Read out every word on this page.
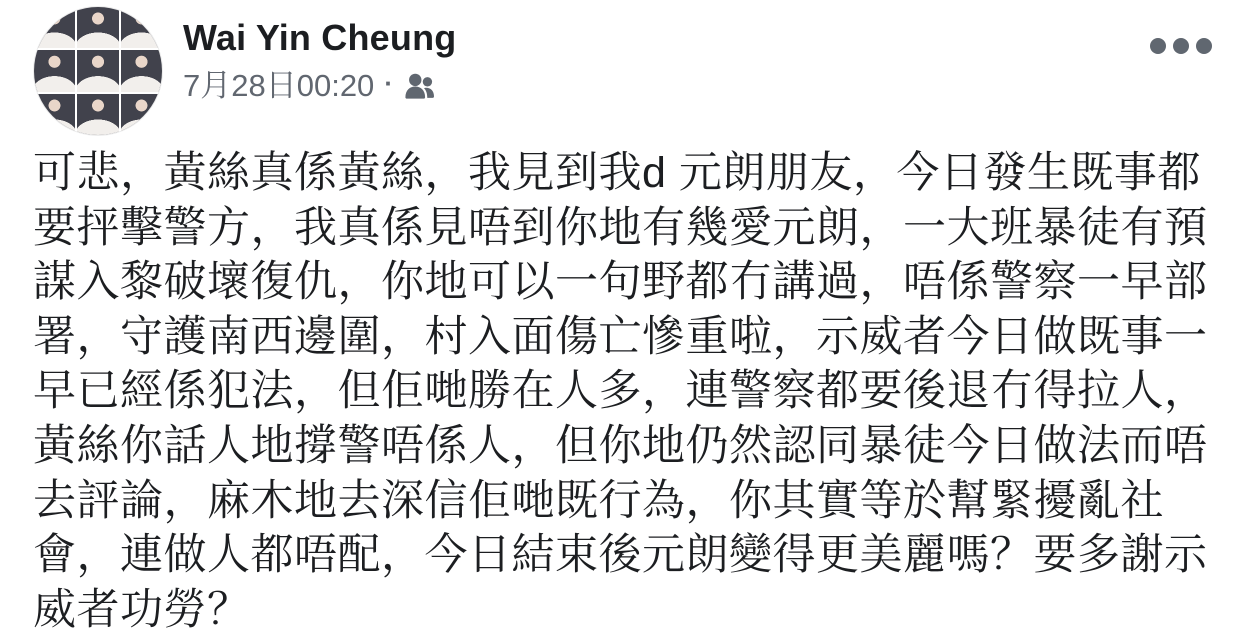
Wai Yin Cheung
7月28日00:20 ·
可悲，黃絲真係黃絲，我見到我d 元朗朋友，今日發生既事都
要抨擊警方，我真係見唔到你地有幾愛元朗，一大班暴徒有預
謀入黎破壞復仇，你地可以一句野都冇講過，唔係警察一早部
署，守護南西邊圍，村入面傷亡慘重啦，示威者今日做既事一
早已經係犯法，但佢哋勝在人多，連警察都要後退冇得拉人，
黃絲你話人地撐警唔係人，但你地仍然認同暴徒今日做法而唔
去評論，麻木地去深信佢哋既行為，你其實等於幫緊擾亂社
會，連做人都唔配，今日結束後元朗變得更美麗嗎？要多謝示
威者功勞？
